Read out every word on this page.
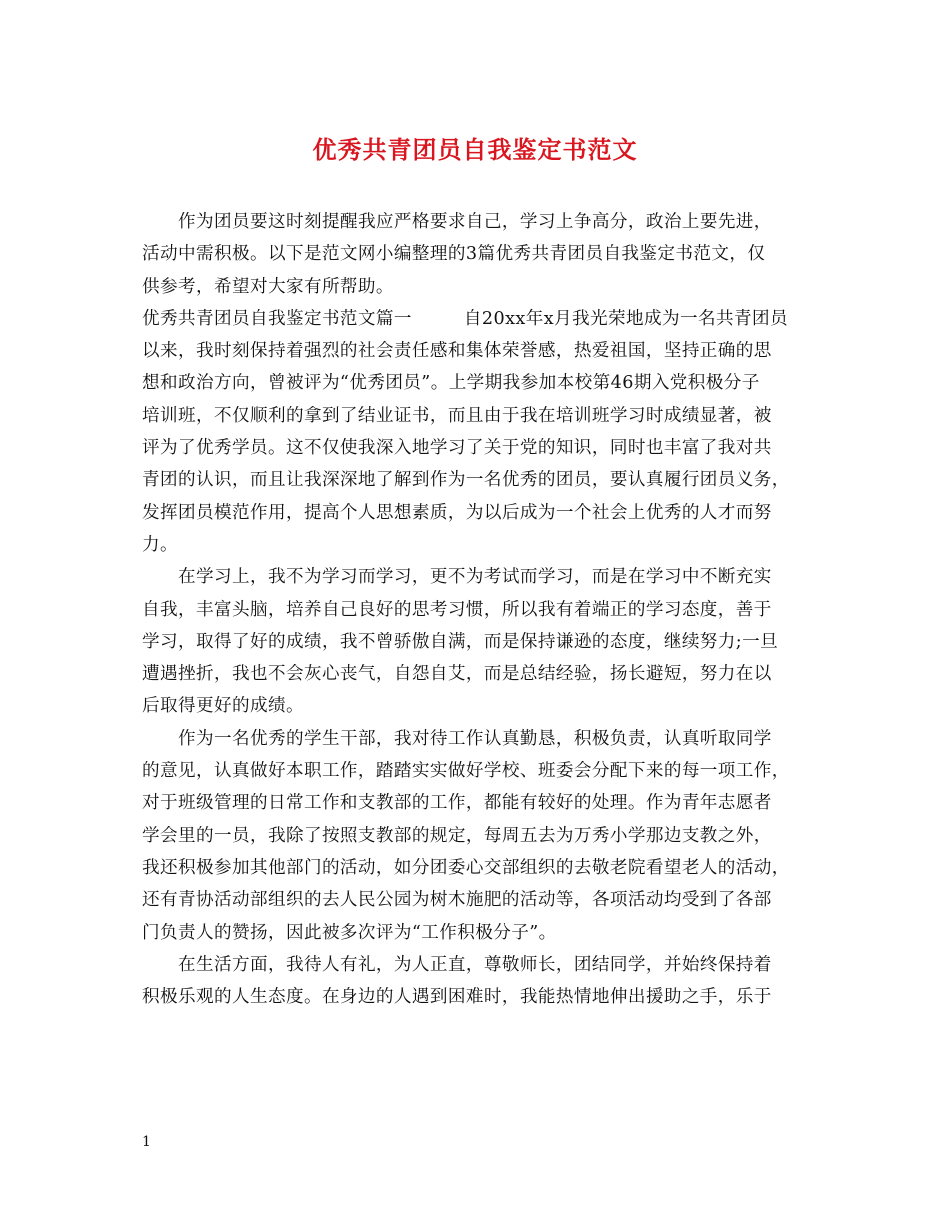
优秀共青团员自我鉴定书范文
作为团员要这时刻提醒我应严格要求自己，学习上争高分，政治上要先进，
活动中需积极。以下是范文网小编整理的3篇优秀共青团员自我鉴定书范文，仅
供参考，希望对大家有所帮助。
优秀共青团员自我鉴定书范文篇一	自20xx年x月我光荣地成为一名共青团员
以来，我时刻保持着强烈的社会责任感和集体荣誉感，热爱祖国，坚持正确的思
想和政治方向，曾被评为“优秀团员”。上学期我参加本校第46期入党积极分子
培训班，不仅顺利的拿到了结业证书，而且由于我在培训班学习时成绩显著，被
评为了优秀学员。这不仅使我深入地学习了关于党的知识，同时也丰富了我对共
青团的认识，而且让我深深地了解到作为一名优秀的团员，要认真履行团员义务，
发挥团员模范作用，提高个人思想素质，为以后成为一个社会上优秀的人才而努
力。
在学习上，我不为学习而学习，更不为考试而学习，而是在学习中不断充实
自我，丰富头脑，培养自己良好的思考习惯，所以我有着端正的学习态度，善于
学习，取得了好的成绩，我不曾骄傲自满，而是保持谦逊的态度，继续努力;一旦
遭遇挫折，我也不会灰心丧气，自怨自艾，而是总结经验，扬长避短，努力在以
后取得更好的成绩。
作为一名优秀的学生干部，我对待工作认真勤恳，积极负责，认真听取同学
的意见，认真做好本职工作，踏踏实实做好学校、班委会分配下来的每一项工作，
对于班级管理的日常工作和支教部的工作，都能有较好的处理。作为青年志愿者
学会里的一员，我除了按照支教部的规定，每周五去为万秀小学那边支教之外，
我还积极参加其他部门的活动，如分团委心交部组织的去敬老院看望老人的活动，
还有青协活动部组织的去人民公园为树木施肥的活动等，各项活动均受到了各部
门负责人的赞扬，因此被多次评为“工作积极分子”。
在生活方面，我待人有礼，为人正直，尊敬师长，团结同学，并始终保持着
积极乐观的人生态度。在身边的人遇到困难时，我能热情地伸出援助之手，乐于
1
